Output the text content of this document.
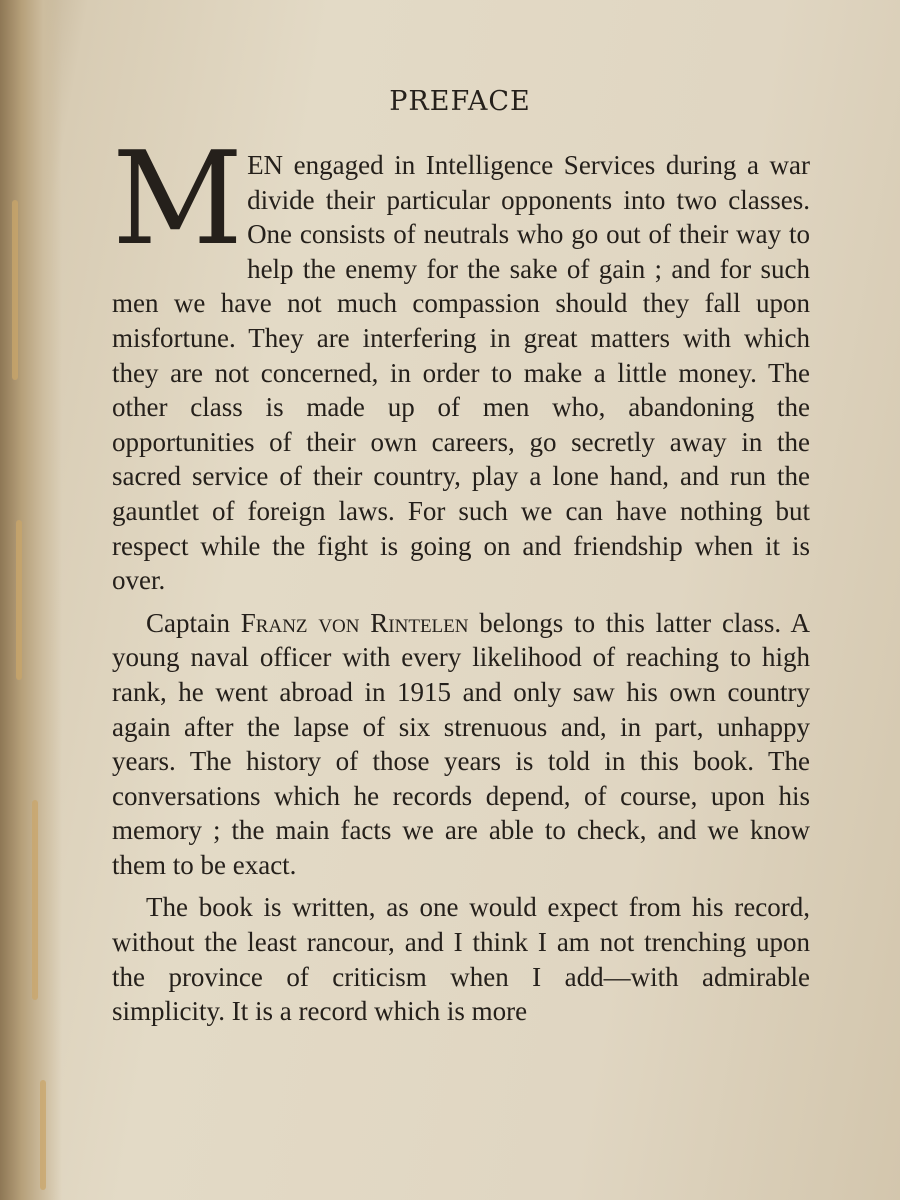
PREFACE

MEN engaged in Intelligence Services during a war divide their particular opponents into two classes. One consists of neutrals who go out of their way to help the enemy for the sake of gain ; and for such men we have not much compassion should they fall upon misfortune. They are interfering in great matters with which they are not concerned, in order to make a little money. The other class is made up of men who, abandoning the opportunities of their own careers, go secretly away in the sacred service of their country, play a lone hand, and run the gauntlet of foreign laws. For such we can have nothing but respect while the fight is going on and friendship when it is over.

Captain Franz von Rintelen belongs to this latter class. A young naval officer with every likelihood of reaching to high rank, he went abroad in 1915 and only saw his own country again after the lapse of six strenuous and, in part, unhappy years. The history of those years is told in this book. The conversations which he records depend, of course, upon his memory ; the main facts we are able to check, and we know them to be exact.

The book is written, as one would expect from his record, without the least rancour, and I think I am not trenching upon the province of criticism when I add—with admirable simplicity. It is a record which is more
